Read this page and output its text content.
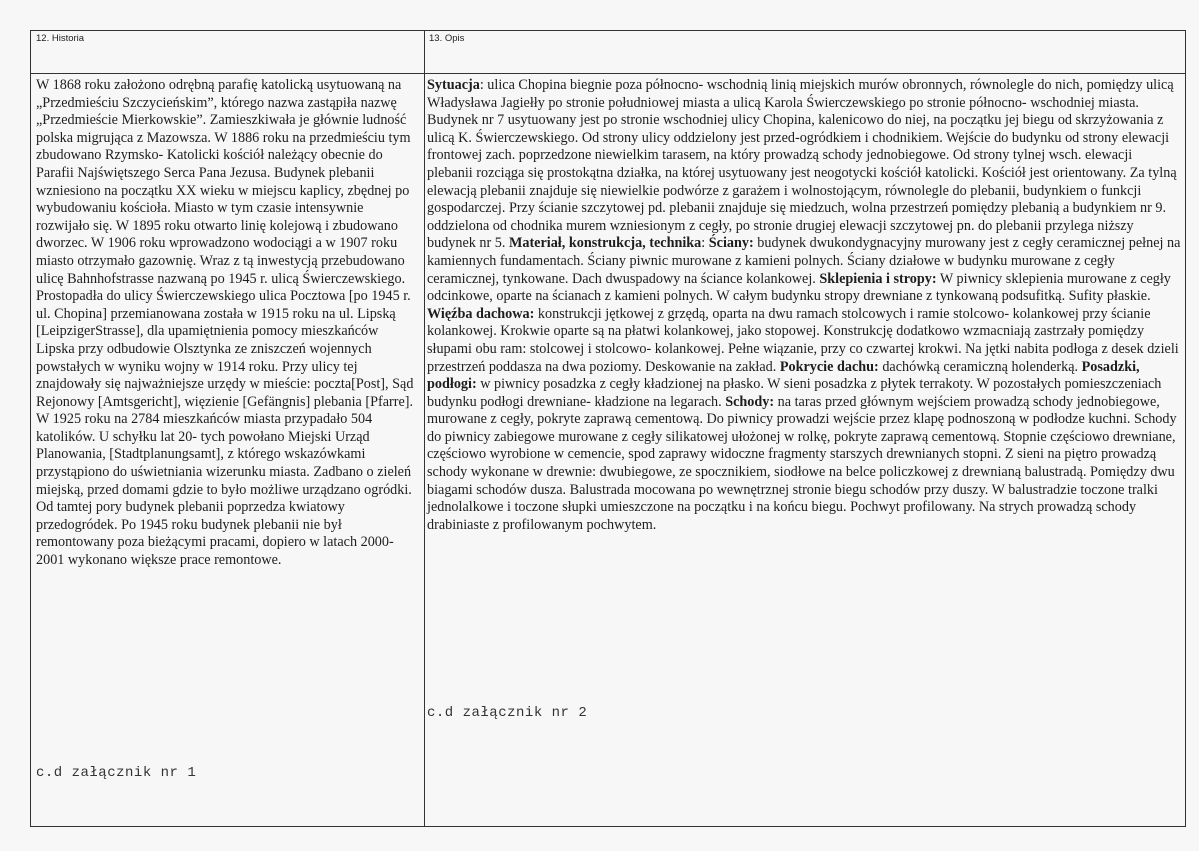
12. Historia	13. Opis

W 1868 roku założono odrębną parafię katolicką usytuowaną na „Przedmieściu Szczycieńskim”, którego nazwa zastąpiła nazwę „Przedmieście Mierkowskie”. Zamieszkiwała je głównie ludność polska migrująca z Mazowsza. W 1886 roku na przedmieściu tym zbudowano Rzymsko- Katolicki kościół należący obecnie do Parafii Najświętszego Serca Pana Jezusa. Budynek plebanii wzniesiono na początku XX wieku w miejscu kaplicy, zbędnej po wybudowaniu kościoła. Miasto w tym czasie intensywnie rozwijało się. W 1895 roku otwarto linię kolejową i zbudowano dworzec. W 1906 roku wprowadzono wodociągi a w 1907 roku miasto otrzymało gazownię. Wraz z tą inwestycją przebudowano ulicę Bahnhofstrasse nazwaną po 1945 r. ulicą Świerczewskiego. Prostopadła do ulicy Świerczewskiego ulica Pocztowa [po 1945 r. ul. Chopina] przemianowana została w 1915 roku na ul. Lipską [LeipzigerStrasse], dla upamiętnienia pomocy mieszkańców Lipska przy odbudowie Olsztynka ze zniszczeń wojennych powstałych w wyniku wojny w 1914 roku. Przy ulicy tej znajdowały się najważniejsze urzędy w mieście: poczta[Post], Sąd Rejonowy [Amtsgericht], więzienie [Gefängnis] plebania [Pfarre]. W 1925 roku na 2784 mieszkańców miasta przypadało 504 katolików. U schyłku lat 20- tych powołano Miejski Urząd Planowania, [Stadtplanungsamt], z którego wskazówkami przystąpiono do uświetniania wizerunku miasta. Zadbano o zieleń miejską, przed domami gdzie to było możliwe urządzano ogródki. Od tamtej pory budynek plebanii poprzedza kwiatowy przedogródek. Po 1945 roku budynek plebanii nie był remontowany poza bieżącymi pracami, dopiero w latach 2000- 2001 wykonano większe prace remontowe.

c.d załącznik nr 1

Sytuacja: ulica Chopina biegnie poza północno- wschodnią linią miejskich murów obronnych, równolegle do nich, pomiędzy ulicą Władysława Jagiełły po stronie południowej miasta a ulicą Karola Świerczewskiego po stronie północno- wschodniej miasta. Budynek nr 7 usytuowany jest po stronie wschodniej ulicy Chopina, kalenicowo do niej, na początku jej biegu od skrzyżowania z ulicą K. Świerczewskiego. Od strony ulicy oddzielony jest przed-ogródkiem i chodnikiem. Wejście do budynku od strony elewacji frontowej zach. poprzedzone niewielkim tarasem, na który prowadzą schody jednobiegowe. Od strony tylnej wsch. elewacji plebanii rozciąga się prostokątna działka, na której usytuowany jest neogotycki kościół katolicki. Kościół jest orientowany. Za tylną elewacją plebanii znajduje się niewielkie podwórze z garażem i wolnostojącym, równolegle do plebanii, budynkiem o funkcji gospodarczej. Przy ścianie szczytowej pd. plebanii znajduje się miedzuch, wolna przestrzeń pomiędzy plebanią a budynkiem nr 9. oddzielona od chodnika murem wzniesionym z cegły, po stronie drugiej elewacji szczytowej pn. do plebanii przylega niższy budynek nr 5. Materiał, konstrukcja, technika: Ściany: budynek dwukondygnacyjny murowany jest z cegły ceramicznej pełnej na kamiennych fundamentach. Ściany piwnic murowane z kamieni polnych. Ściany działowe w budynku murowane z cegły ceramicznej, tynkowane. Dach dwuspadowy na ściance kolankowej. Sklepienia i stropy: W piwnicy sklepienia murowane z cegły odcinkowe, oparte na ścianach z kamieni polnych. W całym budynku stropy drewniane z tynkowaną podsufitką. Sufity płaskie. Więźba dachowa: konstrukcji jętkowej z grzędą, oparta na dwu ramach stolcowych i ramie stolcowo- kolankowej przy ścianie kolankowej. Krokwie oparte są na płatwi kolankowej, jako stopowej. Konstrukcję dodatkowo wzmacniają zastrzały pomiędzy słupami obu ram: stolcowej i stolcowo- kolankowej. Pełne wiązanie, przy co czwartej krokwi. Na jętki nabita podłoga z desek dzieli przestrzeń poddasza na dwa poziomy. Deskowanie na zakład. Pokrycie dachu: dachówką ceramiczną holenderką. Posadzki, podłogi: w piwnicy posadzka z cegły kładzionej na płasko. W sieni posadzka z płytek terrakoty. W pozostałych pomieszczeniach budynku podłogi drewniane- kładzione na legarach. Schody: na taras przed głównym wejściem prowadzą schody jednobiegowe, murowane z cegły, pokryte zaprawą cementową. Do piwnicy prowadzi wejście przez klapę podnoszoną w podłodze kuchni. Schody do piwnicy zabiegowe murowane z cegły silikatowej ułożonej w rolkę, pokryte zaprawą cementową. Stopnie częściowo drewniane, częściowo wyrobione w cemencie, spod zaprawy widoczne fragmenty starszych drewnianych stopni. Z sieni na piętro prowadzą schody wykonane w drewnie: dwubiegowe, ze spocznikiem, siodłowe na belce policzkowej z drewnianą balustradą. Pomiędzy dwu biagami schodów dusza. Balustrada mocowana po wewnętrznej stronie biegu schodów przy duszy. W balustradzie toczone tralki jednolalkowe i toczone słupki umieszczone na początku i na końcu biegu. Pochwyt profilowany. Na strych prowadzą schody drabiniaste z profilowanym pochwytem.

c.d załącznik nr 2
